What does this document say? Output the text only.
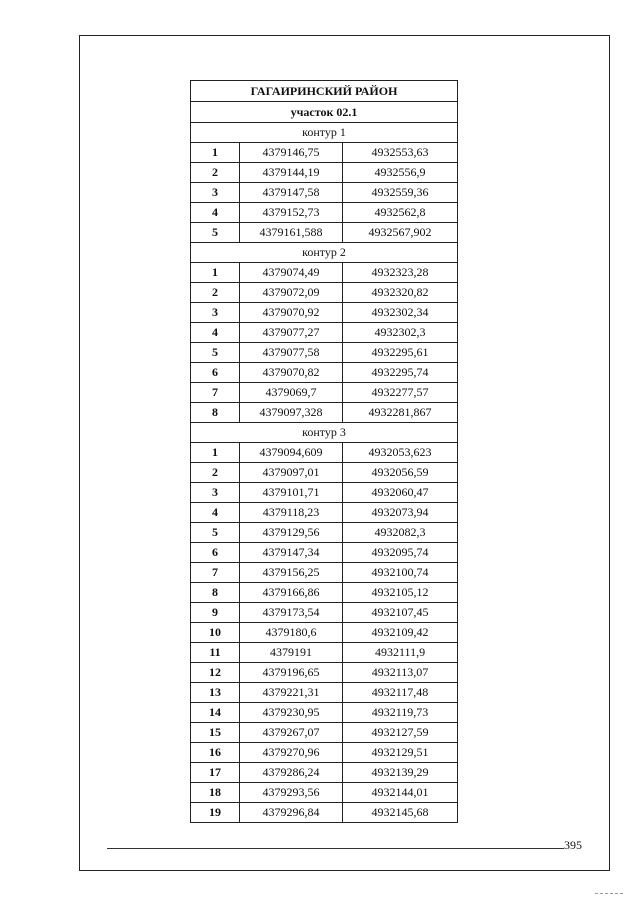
ГАГАИРИНСКИЙ РАЙОН		
участок 02.1		
контур 1		
1	4379146,75	4932553,63
2	4379144,19	4932556,9
3	4379147,58	4932559,36
4	4379152,73	4932562,8
5	4379161,588	4932567,902
контур 2		
1	4379074,49	4932323,28
2	4379072,09	4932320,82
3	4379070,92	4932302,34
4	4379077,27	4932302,3
5	4379077,58	4932295,61
6	4379070,82	4932295,74
7	4379069,7	4932277,57
8	4379097,328	4932281,867
контур 3		
1	4379094,609	4932053,623
2	4379097,01	4932056,59
3	4379101,71	4932060,47
4	4379118,23	4932073,94
5	4379129,56	4932082,3
6	4379147,34	4932095,74
7	4379156,25	4932100,74
8	4379166,86	4932105,12
9	4379173,54	4932107,45
10	4379180,6	4932109,42
11	4379191	4932111,9
12	4379196,65	4932113,07
13	4379221,31	4932117,48
14	4379230,95	4932119,73
15	4379267,07	4932127,59
16	4379270,96	4932129,51
17	4379286,24	4932139,29
18	4379293,56	4932144,01
19	4379296,84	4932145,68
395
